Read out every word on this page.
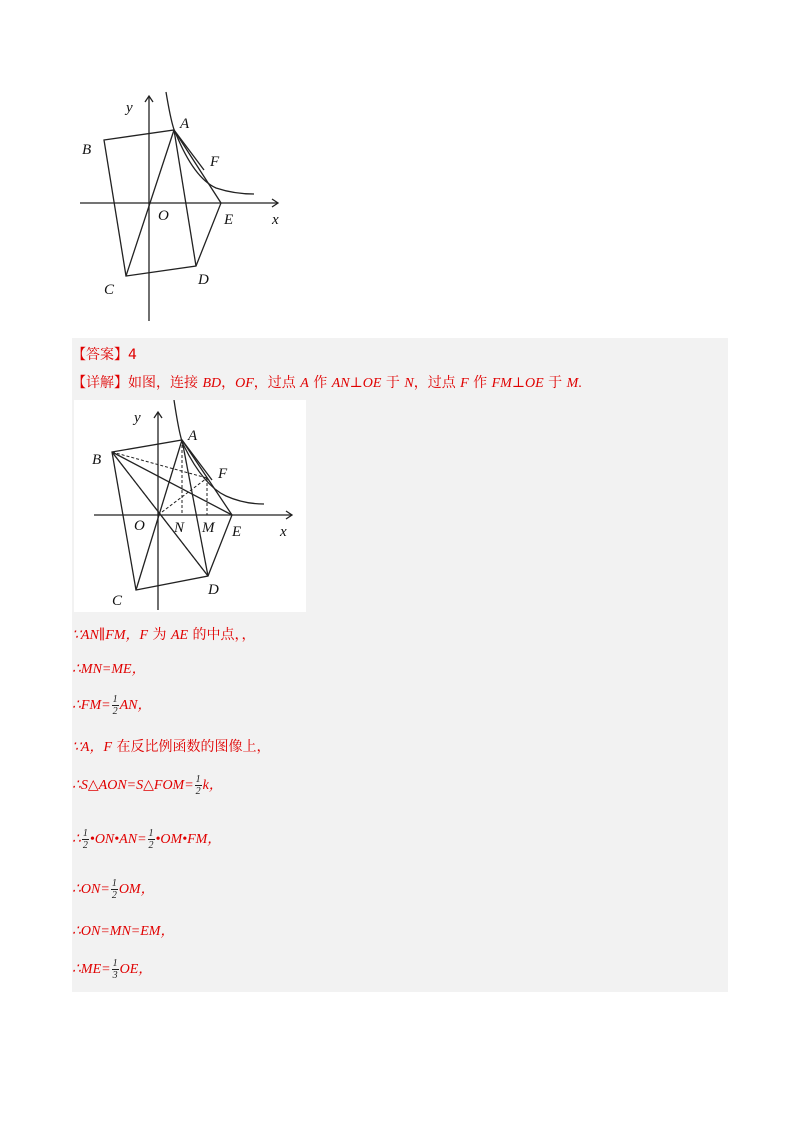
y
A
B
F
O	E	x
C
D
【答案】4
【详解】如图，连接 BD，OF，过点 A 作 AN⊥OE 于 N，过点 F 作 FM⊥OE 于 M.
y
A
B
F
O N M E	x
C
D
∵AN∥FM，F 为 AE 的中点，，
∴MN=ME，
∴FM= $\frac{1}{2}$ AN，
∵A，F 在反比例函数的图像上，
∴S△AON=S△FOM= $\frac{1}{2}$ k，
∴ $\frac{1}{2}$ •ON•AN= $\frac{1}{2}$ •OM•FM，
∴ON= $\frac{1}{2}$ OM，
∴ON=MN=EM，
∴ME= $\frac{1}{3}$ OE，
